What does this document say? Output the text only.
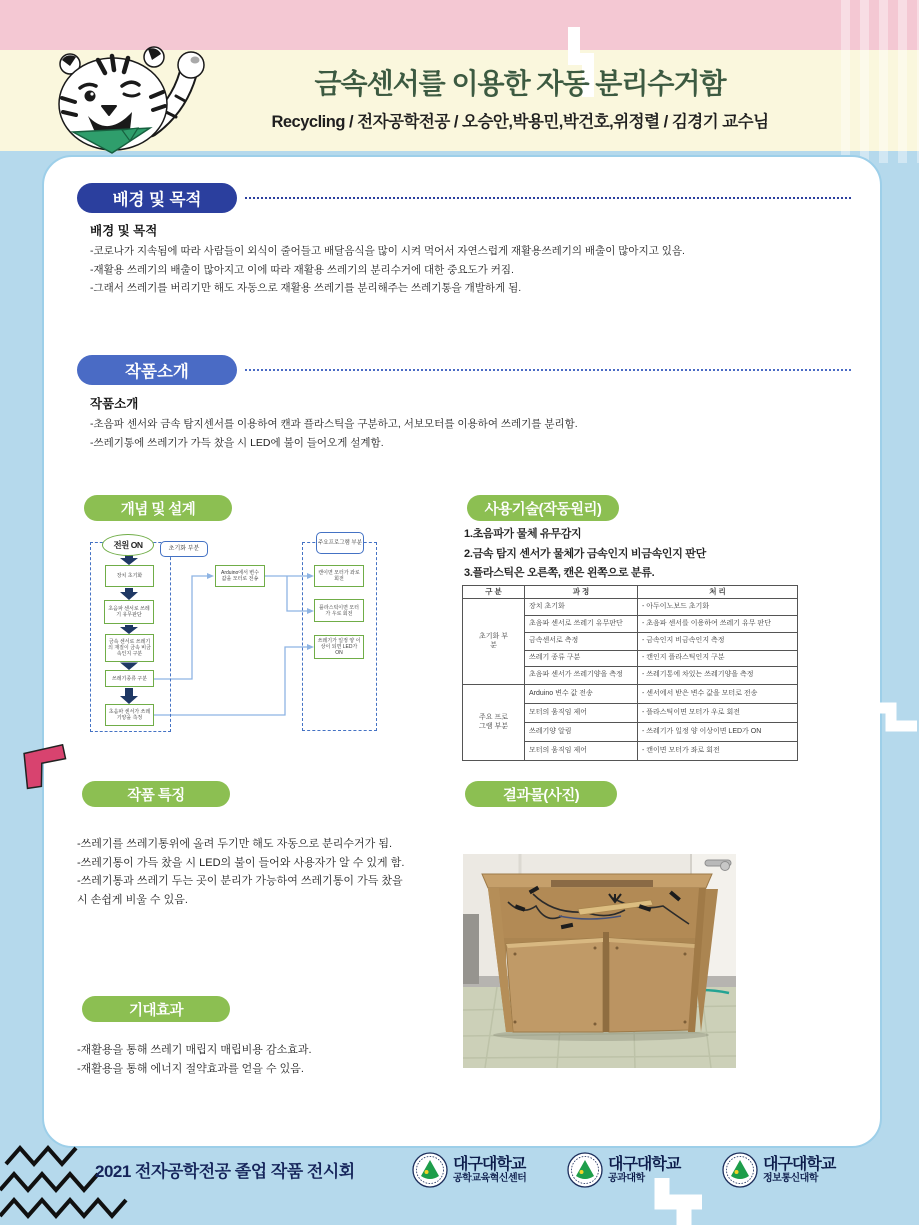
금속센서를 이용한 자동 분리수거함
Recycling / 전자공학전공 / 오승안,박용민,박건호,위정렬 / 김경기 교수님
배경 및 목적
배경 및 목적
-코로나가 지속됨에 따라 사람들이 외식이 줄어들고 배달음식을 많이 시켜 먹어서 자연스럽게 재활용쓰레기의 배출이 많아지고 있음.
-재활용 쓰레기의 배출이 많아지고 이에 따라 재활용 쓰레기의 분리수거에 대한 중요도가 커짐.
-그래서 쓰레기를 버리기만 해도 자동으로 재활용 쓰레기를 분리해주는 쓰레기통을 개발하게 됨.
작품소개
작품소개
-초음파 센서와 금속 탐지센서를 이용하여 캔과 플라스틱을 구분하고, 서보모터를 이용하여 쓰레기를 분리함.
-쓰레기통에 쓰레기가 가득 찼을 시 LED에 불이 들어오게 설계함.
개념 및 설계
전원 ON	초기화 부분
주요프로그램 부분
장치 초기화
초음파 센서로 쓰레기 유무판단
금속 센서로 쓰레기의 재질이 금속 비금속인지 구분
쓰레기종류 구분
초음파 센서가 쓰레기양을 측정
Arduino에서 변수 값을 모터로 전송
캔이면 모터가 좌로 회전
플라스틱이면 모터가 우로 회전
쓰레기가 일정 양 이상이 되면 LED가 ON
사용기술(작동원리)
1.초음파가 물체 유무감지
2.금속 탐지 센서가 물체가 금속인지 비금속인지 판단
3.플라스틱은 오른쪽, 캔은 왼쪽으로 분류.
구 분	과 정	처 리
초기화 부분	장치 초기화	- 아두이노보드 초기화
	초음파 센서로 쓰레기 유무판단	- 초음파 센서를 이용하여 쓰레기 유무 판단
	금속센서로 측정	- 금속인지 비금속인지 측정
	쓰레기 종류 구분	- 캔인지 플라스틱인지 구분
	초음파 센서가 쓰레기양을 측정	- 쓰레기통에 차있는 쓰레기양을 측정
주요 프로그램 부분	Arduino 변수 값 전송	- 센서에서 받은 변수 값을 모터로 전송
	모터의 움직임 제어	- 플라스틱이면 모터가 우로 회전
	쓰레기양 알림	- 쓰레기가 일정 양 이상이면 LED가 ON
	모터의 움직임 제어	- 캔이면 모터가 좌로 회전
작품 특징
-쓰레기를 쓰레기통위에 올려 두기만 해도 자동으로 분리수거가 됨.
-쓰레기통이 가득 찼을 시 LED의 불이 들어와 사용자가 알 수 있게 함.
-쓰레기통과 쓰레기 두는 곳이 분리가 가능하여 쓰레기통이 가득 찼을 시 손쉽게 비울 수 있음.
결과물(사진)
기대효과
-재활용을 통해 쓰레기 매립지 매립비용 감소효과.
-재활용을 통해 에너지 절약효과를 얻을 수 있음.
2021 전자공학전공 졸업 작품 전시회	대구대학교
공학교육혁신센터
대구대학교
공과대학
대구대학교
정보통신대학
